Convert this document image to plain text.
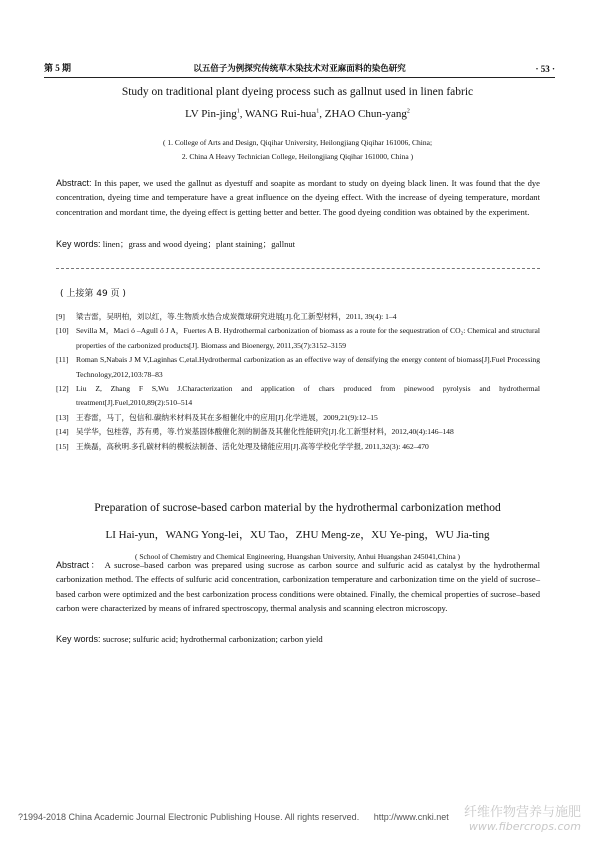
第 5 期	以五倍子为例探究传统草木染技术对亚麻面料的染色研究	· 53 ·
Study on traditional plant dyeing process such as gallnut used in linen fabric
LV Pin-jing$^1$, WANG Rui-hua$^1$, ZHAO Chun-yang$^2$
( 1. College of Arts and Design, Qiqihar University, Heilongjiang Qiqihar 161006, China;
2. China A Heavy Technician College, Heilongjiang Qiqihar 161000, China )
Abstract: In this paper, we used the gallnut as dyestuff and soapite as mordant to study on dyeing black linen. It was found that the dye concentration, dyeing time and temperature have a great influence on the dyeing effect. With the increase of dyeing temperature, mordant concentration and mordant time, the dyeing effect is getting better and better. The good dyeing condition was obtained by the experiment.
Key words: linen；grass and wood dyeing；plant staining；gallnut
( 上接第 49 页 )
[9]	梁吉雷，吴明柏，刘以红，等.生物质水热合成炭微球研究进展[J].化工新型材料，2011, 39(4): 1–4
[10] Sevilla M，Maci ó –Agull ó J A，Fuertes A B. Hydrothermal carbonization of biomass as a route for the sequestration of CO₂: Chemical and structural properties of the carbonized products[J]. Biomass and Bioenergy, 2011,35(7):3152–3159
[11]	Roman S,Nabais J M V,Laginhas C,etal.Hydrothermal carbonization as an effective way of densifying the energy content of biomass[J].Fuel Processing Technology,2012,103:78–83
[12] Liu Z, Zhang F S,Wu J.Characterization and application of chars produced from pinewood pyrolysis and hydrothermal treatment[J].Fuel,2010,89(2):510–514
[13] 王春雷，马丁，包信和.碳纳米材料及其在多相催化中的应用[J].化学进展，2009,21(9):12–15
[14] 吴学华，包桂蓉，苏有勇，等.竹炭基固体酸催化剂的制备及其催化性能研究[J].化工新型材料，2012,40(4):146–148
[15] 王焕磊，高秋明.多孔碳材料的模板法制备、活化处理及储能应用[J].高等学校化学学报, 2011,32(3): 462–470
Preparation of sucrose-based carbon material by the hydrothermal carbonization method
LI Hai-yun，WANG Yong-lei，XU Tao，ZHU Meng-ze，XU Ye-ping，WU Jia-ting
( School of Chemistry and Chemical Engineering, Huangshan University, Anhui Huangshan 245041,China )
Abstract： A sucrose–based carbon was prepared using sucrose as carbon source and sulfuric acid as catalyst by the hydrothermal carbonization method. The effects of sulfuric acid concentration, carbonization temperature and carbonization time on the yield of sucrose–based carbon were optimized and the best carbonization process conditions were obtained. Finally, the chemical properties of sucrose–based carbon were characterized by means of infrared spectroscopy, thermal analysis and scanning electron microscopy.
Key words: sucrose; sulfuric acid; hydrothermal carbonization; carbon yield
?1994-2018 China Academic Journal Electronic Publishing House. All rights reserved. http://www.cnki.net 纤维作物营养与施肥
www.fibercrops.com
